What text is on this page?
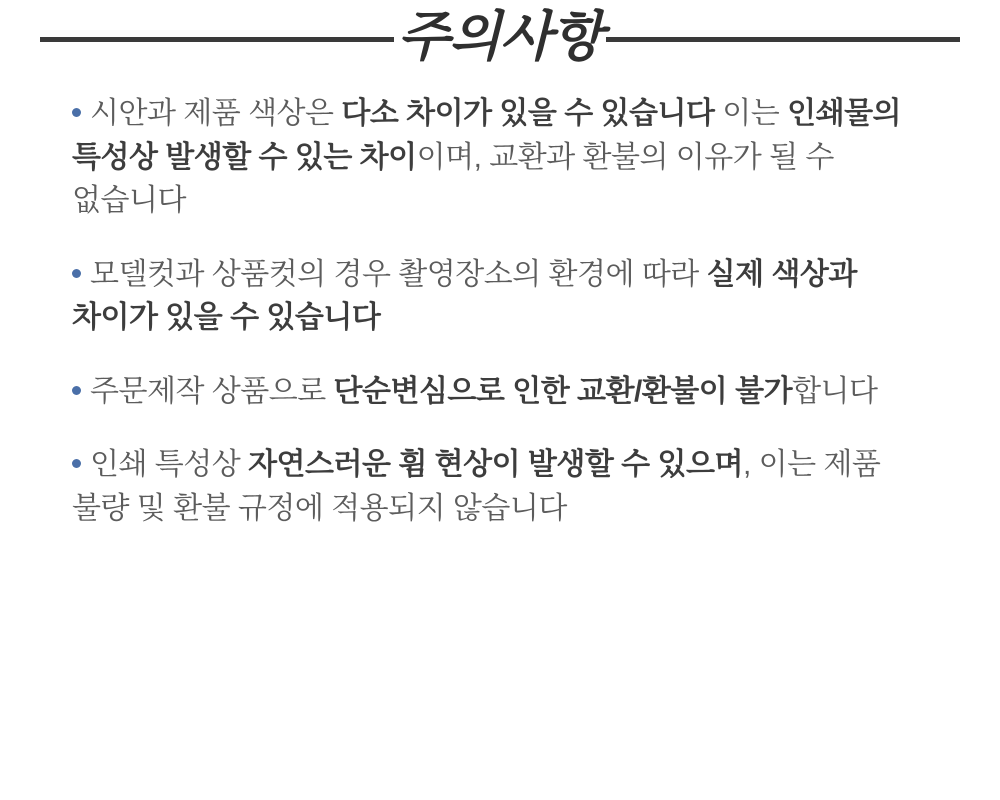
주의사항
시안과 제품 색상은 다소 차이가 있을 수 있습니다 이는 인쇄물의 특성상 발생할 수 있는 차이이며, 교환과 환불의 이유가 될 수 없습니다
모델컷과 상품컷의 경우 촬영장소의 환경에 따라 실제 색상과 차이가 있을 수 있습니다
주문제작 상품으로 단순변심으로 인한 교환/환불이 불가합니다
인쇄 특성상 자연스러운 휨 현상이 발생할 수 있으며, 이는 제품 불량 및 환불 규정에 적용되지 않습니다
